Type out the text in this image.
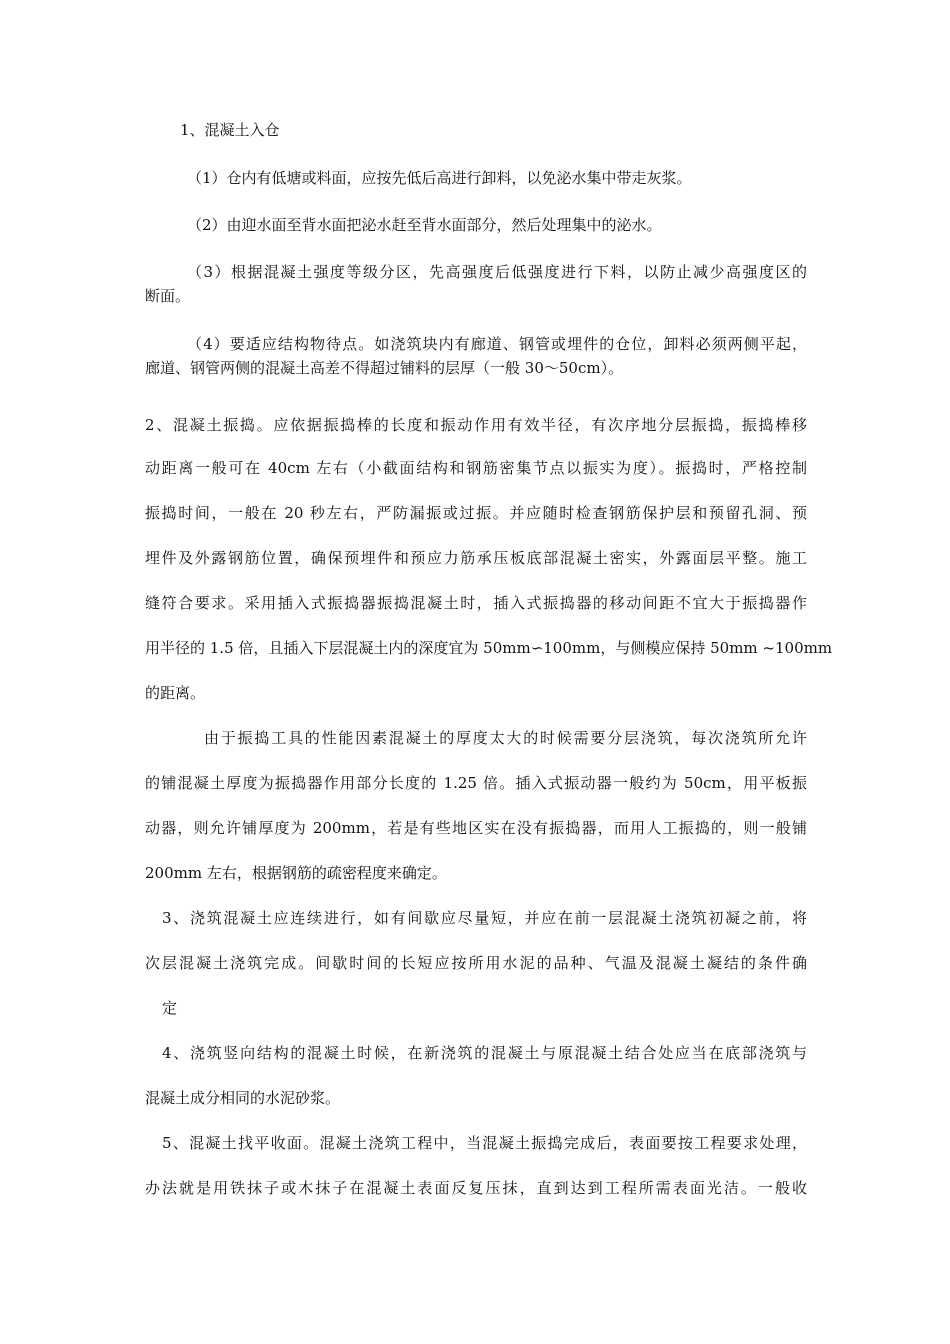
1、混凝土入仓
（1）仓内有低塘或料面，应按先低后高进行卸料，以免泌水集中带走灰浆。
（2）由迎水面至背水面把泌水赶至背水面部分，然后处理集中的泌水。
（3）根据混凝土强度等级分区，先高强度后低强度进行下料，以防止减少高强度区的
断面。
（4）要适应结构物待点。如浇筑块内有廊道、钢管或埋件的仓位，卸料必须两侧平起，
廊道、钢管两侧的混凝土高差不得超过铺料的层厚（一般 30～50cm）。
2、混凝土振捣。应依据振捣棒的长度和振动作用有效半径，有次序地分层振捣，振捣棒移
动距离一般可在 40cm 左右（小截面结构和钢筋密集节点以振实为度）。振捣时，严格控制
振捣时间，一般在 20 秒左右，严防漏振或过振。并应随时检查钢筋保护层和预留孔洞、预
埋件及外露钢筋位置，确保预埋件和预应力筋承压板底部混凝土密实，外露面层平整。施工
缝符合要求。采用插入式振捣器振捣混凝土时，插入式振捣器的移动间距不宜大于振捣器作
用半径的 1.5 倍，且插入下层混凝土内的深度宜为 50mm∽100mm，与侧模应保持 50mm ~100mm
的距离。
由于振捣工具的性能因素混凝土的厚度太大的时候需要分层浇筑，每次浇筑所允许
的铺混凝土厚度为振捣器作用部分长度的 1.25 倍。插入式振动器一般约为 50cm，用平板振
动器，则允许铺厚度为 200mm，若是有些地区实在没有振捣器，而用人工振捣的，则一般铺
200mm 左右，根据钢筋的疏密程度来确定。
3、浇筑混凝土应连续进行，如有间歇应尽量短，并应在前一层混凝土浇筑初凝之前，将
次层混凝土浇筑完成。间歇时间的长短应按所用水泥的品种、气温及混凝土凝结的条件确
定
4、浇筑竖向结构的混凝土时候，在新浇筑的混凝土与原混凝土结合处应当在底部浇筑与
混凝土成分相同的水泥砂浆。
5、混凝土找平收面。混凝土浇筑工程中，当混凝土振捣完成后，表面要按工程要求处理，
办法就是用铁抹子或木抹子在混凝土表面反复压抹，直到达到工程所需表面光洁。一般收
